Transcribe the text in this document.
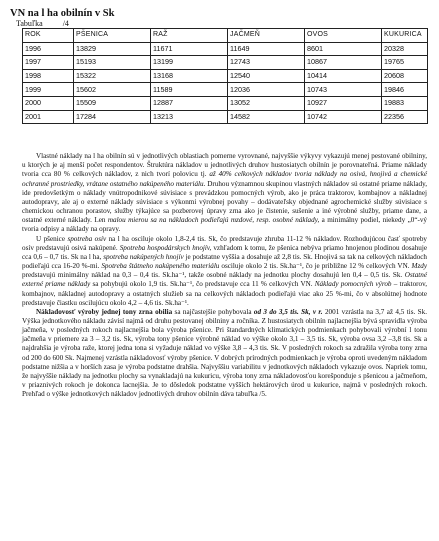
VN na l ha obilnín v Sk
Tabuľka	/4
ROK	PŠENICA	RAŽ	JAČMEŇ	OVOS	KUKURICA
1996	13829	11671	11649	8601	20328
1997	15193	13199	12743	10867	19765
1998	15322	13168	12540	10414	20608
1999	15602	11589	12036	10743	19846
2000	15509	12887	13052	10927	19883
2001	17284	13213	14582	10742	22356

Vlastné náklady na l ha obilnín sú v jednotlivých oblastiach pomerne vyrovnané, najvyššie výkyvy vykazujú menej pestované obilniny, u ktorých je aj menší počet respondentov. Štruktúra nákladov u jednotlivých druhov hustosiatych obilnín je porovnateľná. Priame náklady tvoria cca 80 % celkových nákladov, z nich tvorí polovicu tj. až 40% celkových nákladov tvoria náklady na osivá, hnojivá a chemické ochranné prostriedky, vrátane ostatného nakúpeného materiálu. Druhou významnou skupinou vlastných nákladov sú ostatné priame náklady, ide predovšetkým o náklady vnútropodnikové súvisiace s prevádzkou pomocných výrob, ako je práca traktorov, kombajnov a nákladnej autodopravy, ale aj o externé náklady súvisiace s výkonmi výrobnej povahy – dodávateľsky objednané agrochemické služby súvisiace s chemickou ochranou porastov, služby týkajúce sa pozberovej úpravy zrna ako je čistenie, sušenie a iné výrobné služby, priame dane, a ostatné externé náklady. Len malou mierou sa na nákladoch podieľajú mzdové, resp. osobné náklady, a minimálny podiel, niekedy „0“-vý tvoria odpisy a náklady na opravy.

U pšenice spotreba osív na l ha osciluje okolo 1,8-2,4 tis. Sk, čo predstavuje zhruba 11-12 % nákladov. Rozhodujúcou časť spotreby osív predstavujú osivá nakúpené. Spotreba hospodárskych hnojív, vzhľadom k tomu, že pšenica nebýva priamo hnojenou plodinou dosahuje cca 0,6 – 0,7 tis. Sk na l ha, spotreba nakúpených hnojív je podstatne vyššia a dosahuje až 2,8 tis. Sk. Hnojivá sa tak na celkových nákladoch podieľajú cca 16-20 %-mi. Spotreba štátneho nakúpeného materiálu osciluje okolo 2 tis. Sk.ha⁻¹, čo je približne 12 % celkových VN. Mzdy predstavujú minimálny náklad na 0,3 – 0,4 tis. Sk.ha⁻¹, takže osobné náklady na jednotku plochy dosahujú len 0,4 – 0,5 tis. Sk. Ostatné externé priame náklady sa pohybujú okolo 1,9 tis. Sk.ha⁻¹, čo predstavuje cca 11 % celkových VN. Náklady pomocných výrob – traktorov, kombajnov, nákladnej autodopravy a ostatných služieb sa na celkových nákladoch podieľajú viac ako 25 %-mi, čo v absolútnej hodnote predstavuje čiastku oscilujúcu okolo 4,2 – 4,6 tis. Sk.ha⁻¹.

Nákladovosť výroby jednej tony zrna obilia sa najčastejšie pohybovala od 3 do 3,5 tis. Sk, v r. 2001 vzrástla na 3,7 až 4,5 tis. Sk. Výška jednotkového nákladu závisí najmä od druhu pestovanej obilniny a ročníka. Z hustosiatych obilnín najlacnejšia bývá spravidla výroba jačmeňa, v posledných rokoch najlacnejšia bola výroba pšenice. Pri štandardných klimatických podmienkach pohybovali výrobní l tonu jačmeňa v priemere za 3 – 3,2 tis. Sk, výroba tony pšenice výrobné náklad vo výške okolo 3,1 – 3,5 tis. Sk, výroba ovsa 3,2 –3,8 tis. Sk a najdrahšia je výroba raže, ktorej jedna tona si vyžaduje náklad vo výške 3,8 – 4,3 tis. Sk. V posledných rokoch sa zdražila výroba tony zrna od 200 do 600 Sk. Najmenej vzrástla nákladovosť výroby pšenice. V dobrých prírodných podmienkach je výroba oproti uvedeným nákladom podstatne nižšia a v horších zasa je výroba podstatne drahšia. Najvyššiu variabilitu v jednotkových nákladoch vykazuje ovos. Napriek tomu, že najvyššie náklady na jednotku plochy sa vynakladajú na kukuricu, výroba tony zrna nákladovosťou korešponduje s pšenicou a jačmeňom, v priaznivých rokoch je dokonca lacnejšia. Je to dôsledok podstatne vyšších hektárových úrod u kukurice, najmä v posledných rokoch. Prehľad o výške jednotkových nákladov jednotlivých druhov obilnín dáva tabuľka /5.
